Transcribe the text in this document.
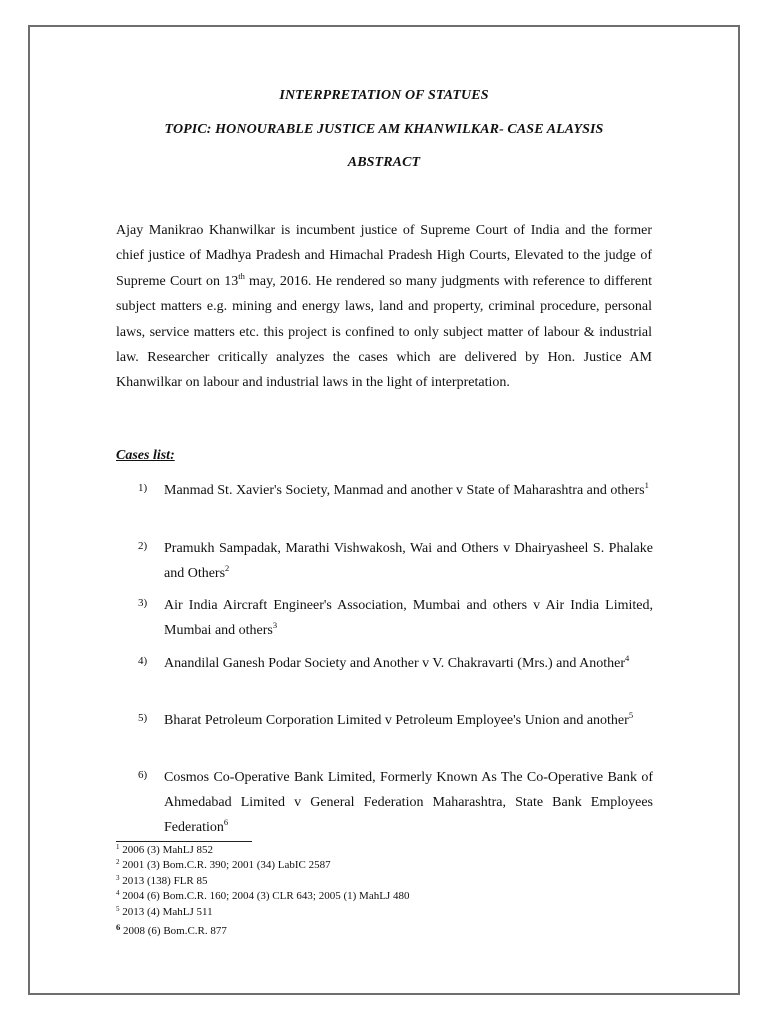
INTERPRETATION OF STATUES
TOPIC: HONOURABLE JUSTICE AM KHANWILKAR- CASE ALAYSIS
ABSTRACT
Ajay Manikrao Khanwilkar is incumbent justice of Supreme Court of India and the former chief justice of Madhya Pradesh and Himachal Pradesh High Courts, Elevated to the judge of Supreme Court on 13th may, 2016. He rendered so many judgments with reference to different subject matters e.g. mining and energy laws, land and property, criminal procedure, personal laws, service matters etc. this project is confined to only subject matter of labour & industrial law. Researcher critically analyzes the cases which are delivered by Hon. Justice AM Khanwilkar on labour and industrial laws in the light of interpretation.
Cases list:
1) Manmad St. Xavier's Society, Manmad and another v State of Maharashtra and others$^1$
2) Pramukh Sampadak, Marathi Vishwakosh, Wai and Others v Dhairyasheel S. Phalake and Others$^2$
3) Air India Aircraft Engineer's Association, Mumbai and others v Air India Limited, Mumbai and others$^3$
4) Anandilal Ganesh Podar Society and Another v V. Chakravarti (Mrs.) and Another$^4$
5) Bharat Petroleum Corporation Limited v Petroleum Employee's Union and another$^5$
6) Cosmos Co-Operative Bank Limited, Formerly Known As The Co-Operative Bank of Ahmedabad Limited v General Federation Maharashtra, State Bank Employees Federation$^6$
$^1$ 2006 (3) MahLJ 852
$^2$ 2001 (3) Bom.C.R. 390; 2001 (34) LabIC 2587
$^3$ 2013 (138) FLR 85
$^4$ 2004 (6) Bom.C.R. 160; 2004 (3) CLR 643; 2005 (1) MahLJ 480
$^5$ 2013 (4) MahLJ 511
$^6$ 2008 (6) Bom.C.R. 877
